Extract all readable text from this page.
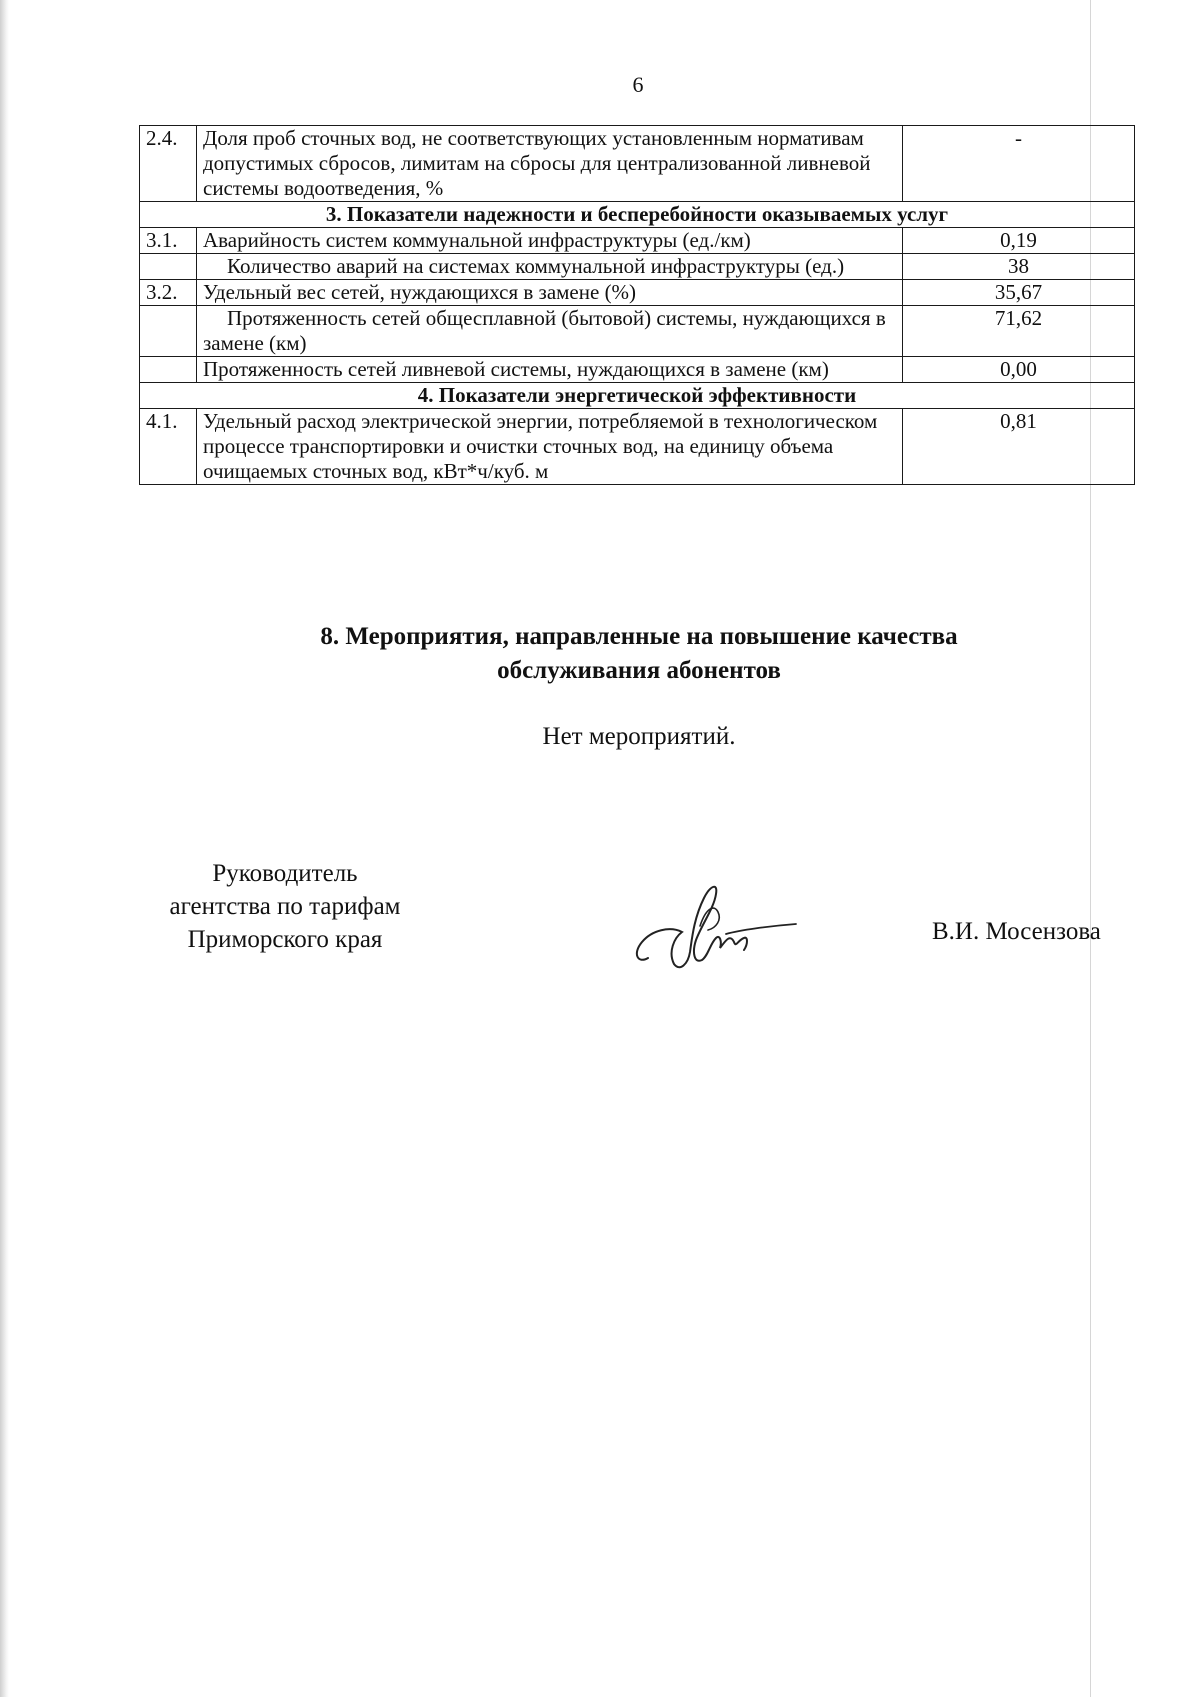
6
2.4.	Доля проб сточных вод, не соответствующих установленным нормативам допустимых сбросов, лимитам на сбросы для централизованной ливневой системы водоотведения, %	-
3. Показатели надежности и бесперебойности оказываемых услуг		
3.1.	Аварийность систем коммунальной инфраструктуры (ед./км)	0,19
	Количество аварий на системах коммунальной инфраструктуры (ед.)	38
3.2.	Удельный вес сетей, нуждающихся в замене (%)	35,67
	Протяженность сетей общесплавной (бытовой) системы, нуждающихся в замене (км)	71,62
	Протяженность сетей ливневой системы, нуждающихся в замене (км)	0,00
4. Показатели энергетической эффективности		
4.1.	Удельный расход электрической энергии, потребляемой в технологическом процессе транспортировки и очистки сточных вод, на единицу объема очищаемых сточных вод, кВт*ч/куб. м	0,81
8. Мероприятия, направленные на повышение качества
обслуживания абонентов
Нет мероприятий.
Руководитель
агентства по тарифам
Приморского края	В.И. Мосензова
